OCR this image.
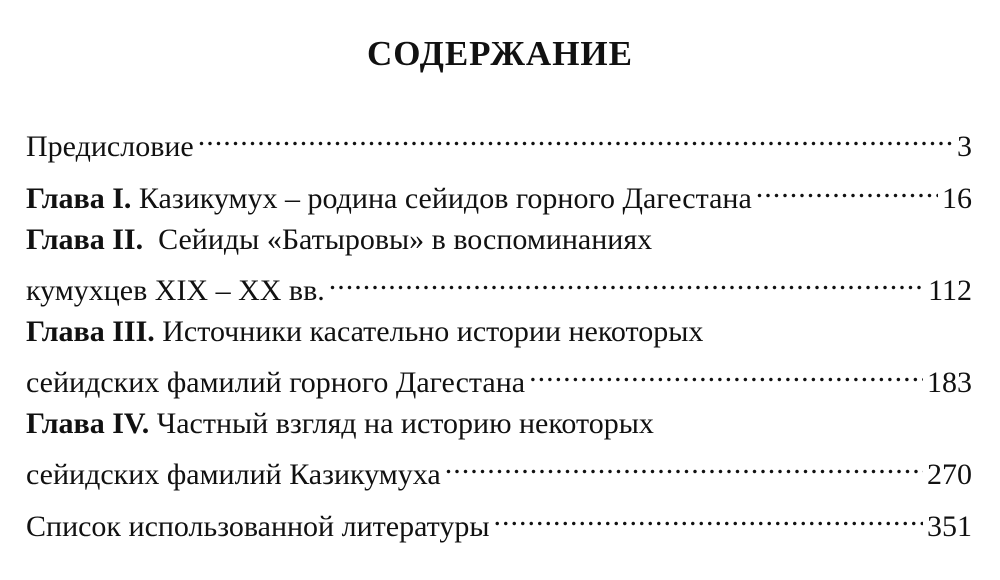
СОДЕРЖАНИЕ
Предисловие .....	3
Глава I.
Казикумух – родина сейидов горного Дагестана .....	16
Глава II.
Сейиды «Батыровы» в воспоминаниях
кумухцев XIX – XX вв. .....	112
Глава III.
Источники касательно истории некоторых
сейидских фамилий горного Дагестана .....	183
Глава IV.
Частный взгляд на историю некоторых
сейидских фамилий Казикумуха .....	270
Список использованной литературы .....	351
